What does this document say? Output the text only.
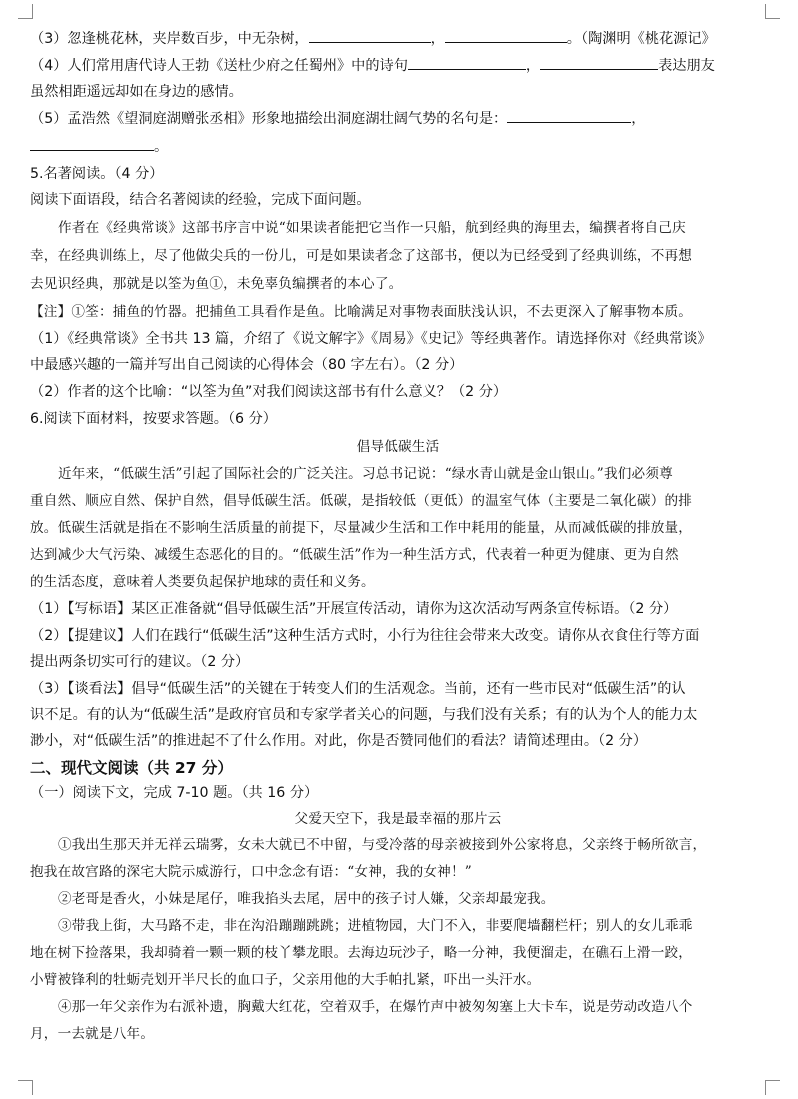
（3）忽逢桃花林，夹岸数百步，中无杂树，	，	。（陶渊明《桃花源记》

（4）人们常用唐代诗人王勃《送杜少府之任蜀州》中的诗句	，	表达朋友

虽然相距遥远却如在身边的感情。

（5）孟浩然《望洞庭湖赠张丞相》形象地描绘出洞庭湖壮阔气势的名句是：	，

。

5.名著阅读。（4 分）

阅读下面语段，结合名著阅读的经验，完成下面问题。

作者在《经典常谈》这部书序言中说“如果读者能把它当作一只船，航到经典的海里去，编撰者将自己庆

幸，在经典训练上，尽了他做尖兵的一份儿，可是如果读者念了这部书，便以为已经受到了经典训练，不再想

去见识经典，那就是以筌为鱼①，未免辜负编撰者的本心了。

【注】①筌：捕鱼的竹器。把捕鱼工具看作是鱼。比喻满足对事物表面肤浅认识，不去更深入了解事物本质。

（1）《经典常谈》全书共 13 篇，介绍了《说文解字》《周易》《史记》等经典著作。请选择你对《经典常谈》

中最感兴趣的一篇并写出自己阅读的心得体会（80 字左右）。（2 分）

（2）作者的这个比喻：“以筌为鱼”对我们阅读这部书有什么意义？（2 分）

6.阅读下面材料，按要求答题。（6 分）

倡导低碳生活

近年来，“低碳生活”引起了国际社会的广泛关注。习总书记说：“绿水青山就是金山银山。”我们必须尊

重自然、顺应自然、保护自然，倡导低碳生活。低碳，是指较低（更低）的温室气体（主要是二氧化碳）的排

放。低碳生活就是指在不影响生活质量的前提下，尽量减少生活和工作中耗用的能量，从而减低碳的排放量，

达到减少大气污染、减缓生态恶化的目的。“低碳生活”作为一种生活方式，代表着一种更为健康、更为自然

的生活态度，意味着人类要负起保护地球的责任和义务。

（1）【写标语】某区正准备就“倡导低碳生活”开展宣传活动，请你为这次活动写两条宣传标语。（2 分）

（2）【提建议】人们在践行“低碳生活”这种生活方式时，小行为往往会带来大改变。请你从衣食住行等方面

提出两条切实可行的建议。（2 分）

（3）【谈看法】倡导“低碳生活”的关键在于转变人们的生活观念。当前，还有一些市民对“低碳生活”的认

识不足。有的认为“低碳生活”是政府官员和专家学者关心的问题，与我们没有关系；有的认为个人的能力太

渺小，对“低碳生活”的推进起不了什么作用。对此，你是否赞同他们的看法？请简述理由。（2 分）

二、现代文阅读（共 27 分）

（一）阅读下文，完成 7-10 题。（共 16 分）

父爱天空下，我是最幸福的那片云

①我出生那天并无祥云瑞雾，女未大就已不中留，与受冷落的母亲被接到外公家将息，父亲终于畅所欲言，

抱我在故宫路的深宅大院示威游行，口中念念有语：“女神，我的女神！”

②老哥是香火，小妹是尾仔，唯我掐头去尾，居中的孩子讨人嫌，父亲却最宠我。

③带我上街，大马路不走，非在沟沿蹦蹦跳跳；进植物园，大门不入，非要爬墙翻栏杆；别人的女儿乖乖

地在树下捡落果，我却骑着一颗一颗的枝丫攀龙眼。去海边玩沙子，略一分神，我便溜走，在礁石上滑一跤，

小臂被锋利的牡蛎壳划开半尺长的血口子，父亲用他的大手帕扎紧，吓出一头汗水。

④那一年父亲作为右派补遗，胸戴大红花，空着双手，在爆竹声中被匆匆塞上大卡车，说是劳动改造八个

月，一去就是八年。
